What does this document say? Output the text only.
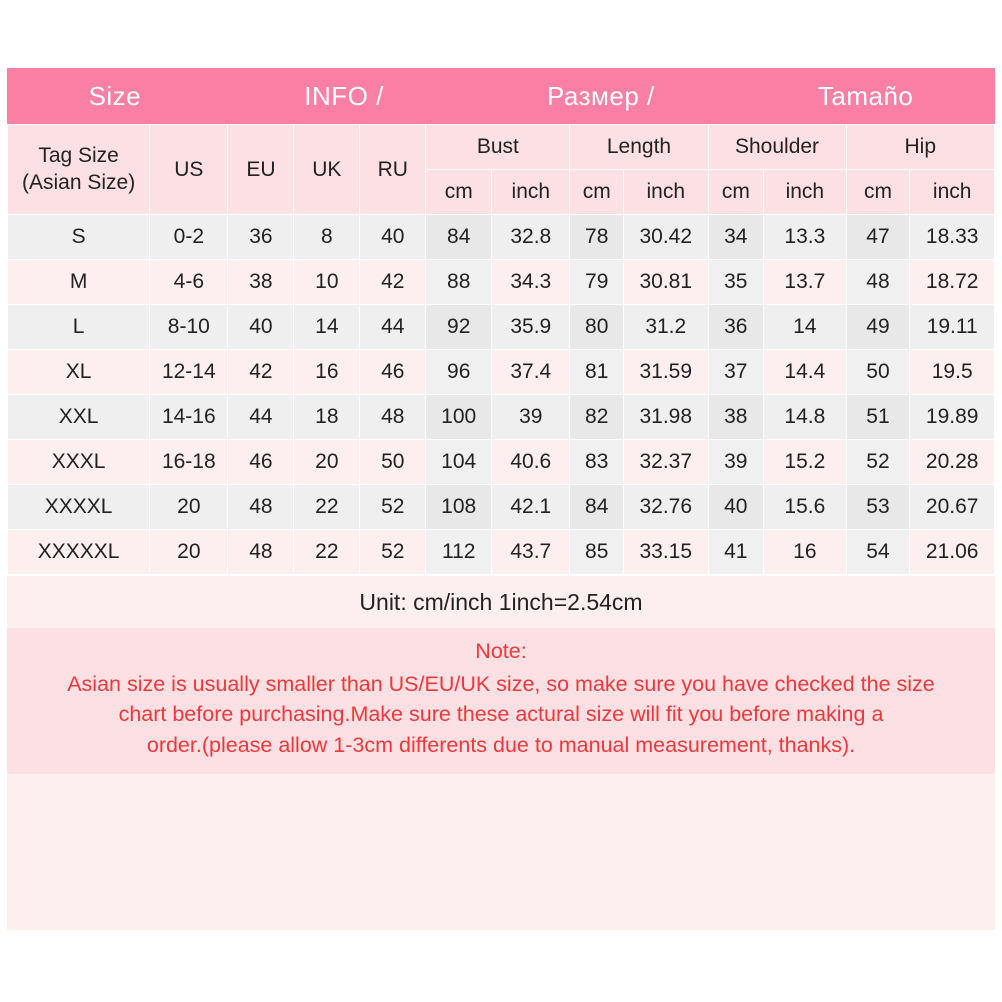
Size	INFO /	Размер /	Tamaño
Tag Size (Asian Size)	US	EU	UK	RU	Bust		Length		Shoulder		Hip	
					cm	inch	cm	inch	cm	inch	cm	inch
S	0-2	36	8	40	84	32.8	78	30.42	34	13.3	47	18.33
M	4-6	38	10	42	88	34.3	79	30.81	35	13.7	48	18.72
L	8-10	40	14	44	92	35.9	80	31.2	36	14	49	19.11
XL	12-14	42	16	46	96	37.4	81	31.59	37	14.4	50	19.5
XXL	14-16	44	18	48	100	39	82	31.98	38	14.8	51	19.89
XXXL	16-18	46	20	50	104	40.6	83	32.37	39	15.2	52	20.28
XXXXL	20	48	22	52	108	42.1	84	32.76	40	15.6	53	20.67
XXXXXL	20	48	22	52	112	43.7	85	33.15	41	16	54	21.06
Unit: cm/inch 1inch=2.54cm
Note:
Asian size is usually smaller than US/EU/UK size, so make sure you have checked the size
chart before purchasing.Make sure these actural size will fit you before making a
order.(please allow 1-3cm differents due to manual measurement, thanks).
